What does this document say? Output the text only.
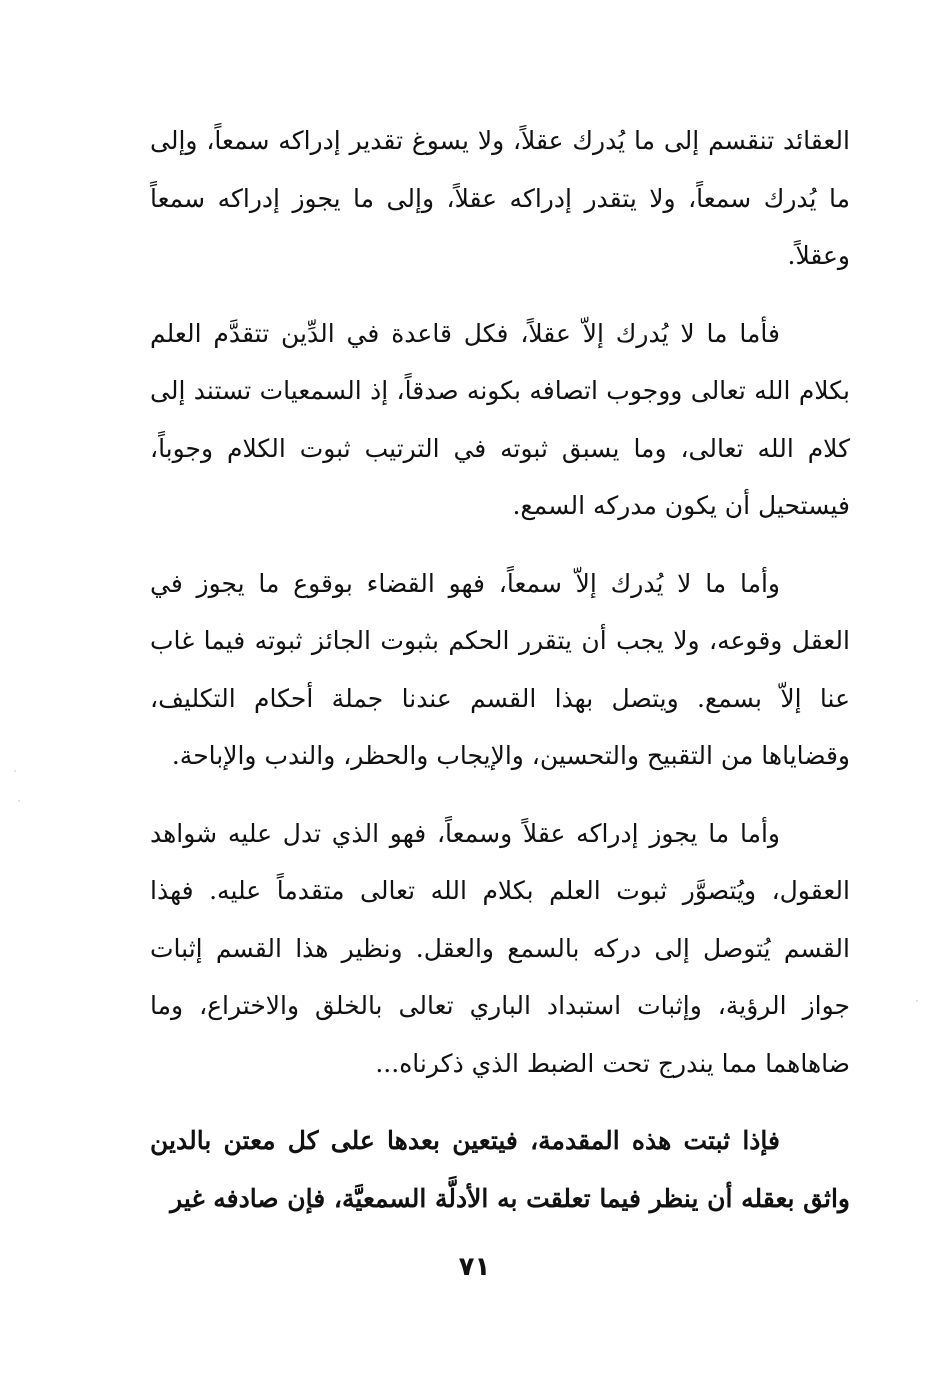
العقائد تنقسم إلى ما يُدرك عقلاً، ولا يسوغ تقدير إدراكه سمعاً، وإلى ما يُدرك سمعاً، ولا يتقدر إدراكه عقلاً، وإلى ما يجوز إدراكه سمعاً وعقلاً.

فأما ما لا يُدرك إلاّ عقلاً، فكل قاعدة في الدِّين تتقدَّم العلم بكلام الله تعالى ووجوب اتصافه بكونه صدقاً، إذ السمعيات تستند إلى كلام الله تعالى، وما يسبق ثبوته في الترتيب ثبوت الكلام وجوباً، فيستحيل أن يكون مدركه السمع.

وأما ما لا يُدرك إلاّ سمعاً، فهو القضاء بوقوع ما يجوز في العقل وقوعه، ولا يجب أن يتقرر الحكم بثبوت الجائز ثبوته فيما غاب عنا إلاّ بسمع. ويتصل بهذا القسم عندنا جملة أحكام التكليف، وقضاياها من التقبيح والتحسين، والإيجاب والحظر، والندب والإباحة.

وأما ما يجوز إدراكه عقلاً وسمعاً، فهو الذي تدل عليه شواهد العقول، ويُتصوَّر ثبوت العلم بكلام الله تعالى متقدماً عليه. فهذا القسم يُتوصل إلى دركه بالسمع والعقل. ونظير هذا القسم إثبات جواز الرؤية، وإثبات استبداد الباري تعالى بالخلق والاختراع، وما ضاهاهما مما يندرج تحت الضبط الذي ذكرناه...

فإذا ثبتت هذه المقدمة، فيتعين بعدها على كل معتن بالدين واثق بعقله أن ينظر فيما تعلقت به الأدلَّة السمعيَّة، فإن صادفه غير

٧١
